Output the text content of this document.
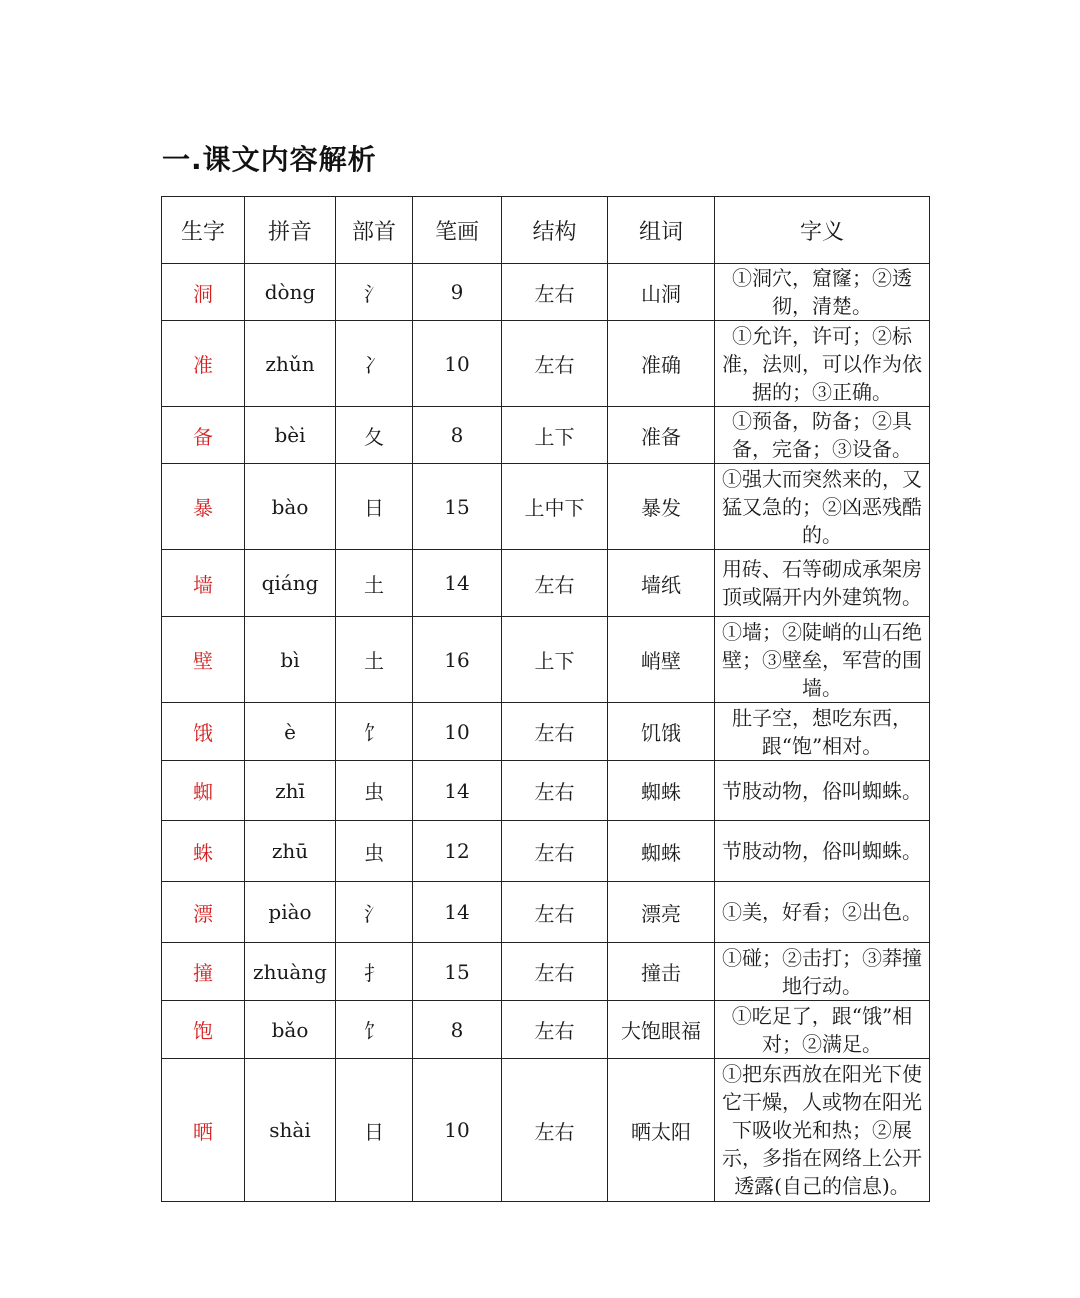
一.课文内容解析
生字	拼音	部首	笔画	结构	组词	字义
洞	dòng	氵	9	左右	山洞	①洞穴，窟窿；②透彻，清楚。
准	zhǔn	冫	10	左右	准确	①允许，许可；②标准，法则，可以作为依据的；③正确。
备	bèi	夂	8	上下	准备	①预备，防备；②具备，完备；③设备。
暴	bào	日	15	上中下	暴发	①强大而突然来的，又猛又急的；②凶恶残酷的。
墙	qiáng	土	14	左右	墙纸	用砖、石等砌成承架房顶或隔开内外建筑物。
壁	bì	土	16	上下	峭壁	①墙；②陡峭的山石绝壁；③壁垒，军营的围墙。
饿	è	饣	10	左右	饥饿	肚子空，想吃东西，跟“饱”相对。
蜘	zhī	虫	14	左右	蜘蛛	节肢动物，俗叫蜘蛛。
蛛	zhū	虫	12	左右	蜘蛛	节肢动物，俗叫蜘蛛。
漂	piào	氵	14	左右	漂亮	①美，好看；②出色。
撞	zhuàng	扌	15	左右	撞击	①碰；②击打；③莽撞地行动。
饱	bǎo	饣	8	左右	大饱眼福	①吃足了，跟“饿”相对；②满足。
晒	shài	日	10	左右	晒太阳	①把东西放在阳光下使它干燥，人或物在阳光下吸收光和热；②展示，多指在网络上公开透露(自己的信息)。
